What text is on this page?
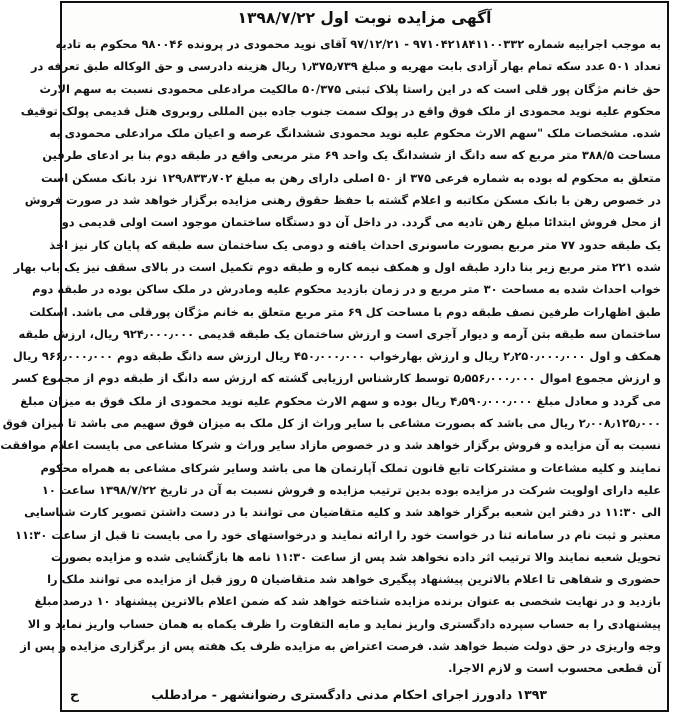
آگهی مزایده نوبت اول ۱۳۹۸/۷/۲۲
به موجب اجراییه شماره ۹۷۱۰۴۲۱۸۴۱۱۰۰۳۳۲ - ۹۷/۱۲/۲۱ آقای نوید محمودی در پرونده ۹۸۰۰۴۶ محکوم به تادیه
تعداد ۵۰۱ عدد سکه تمام بهار آزادی بابت مهریه و مبلغ ۱٫۳۷۵٫۷۳۹ ریال هزینه دادرسی و حق الوکاله طبق تعرفه در
حق خانم مژگان پور قلی است که در این راستا پلاک ثبتی ۵۰/۳۷۵ مالکیت مرادعلی محمودی نسبت به سهم الارث
محکوم علیه نوید محمودی از ملک فوق واقع در پولک سمت جنوب جاده بین المللی روبروی هتل قدیمی پولک توقیف
شده. مشخصات ملک "سهم الارث محکوم علیه نوید محمودی ششدانگ عرصه و اعیان ملک مرادعلی محمودی به
مساحت ۳۸۸/۵ متر مربع که سه دانگ از ششدانگ یک واحد ۶۹ متر مربعی واقع در طبقه دوم بنا بر ادعای طرفین
متعلق به محکوم له بوده به شماره فرعی ۳۷۵ از ۵۰ اصلی دارای رهن به مبلغ ۱۲۹٫۸۳۳٫۷۰۲ نزد بانک مسکن است
در خصوص رهن با بانک مسکن مکاتبه و اعلام گشته با حفظ حقوق رهنی مزایده برگزار خواهد شد در صورت فروش
از محل فروش ابتدائا مبلغ رهن تادیه می گردد. در داخل آن دو دستگاه ساختمان موجود است اولی قدیمی دو
یک طبقه حدود ۷۷ متر مربع بصورت ماسونری احداث یافته و دومی یک ساختمان سه طبقه که پایان کار نیز اخذ
شده ۲۲۱ متر مربع زیر بنا دارد طبقه اول و همکف نیمه کاره و طبقه دوم تکمیل است در بالای سقف نیز یک باب بهار
خواب احداث شده به مساحت ۳۰ متر مربع و در زمان بازدید محکوم علیه ومادرش در ملک ساکن بوده در طبقه دوم
طبق اظهارات طرفین نصف طبقه دوم با مساحت کل ۶۹ متر مربع متعلق به خانم مژگان پورقلی می باشد. اسکلت
ساختمان سه طبقه بتن آرمه و دیوار آجری است و ارزش ساختمان یک طبقه قدیمی ۹۲۴٫۰۰۰٫۰۰۰ ریال، ارزش طبقه
همکف و اول ۲٫۲۵۰٫۰۰۰٫۰۰۰ ریال و ارزش بهارخواب ۴۵۰٫۰۰۰٫۰۰۰ ریال ارزش سه دانگ طبقه دوم ۹۶۶٫۰۰۰٫۰۰۰ ریال
و ارزش مجموع اموال ۵٫۵۵۶٫۰۰۰٫۰۰۰ توسط کارشناس ارزیابی گشته که ارزش سه دانگ از طبقه دوم از مجموع کسر
می گردد و معادل مبلغ ۴٫۵۹۰٫۰۰۰٫۰۰۰ ریال بوده و سهم الارث محکوم علیه نوید محمودی از ملک فوق به میزان مبلغ
۲٫۰۰۸٫۱۲۵٫۰۰۰ ریال می باشد که بصورت مشاعی با سایر وراث از کل ملک به میزان فوق سهیم می باشد تا میزان فوق
نسبت به آن مزایده و فروش برگزار خواهد شد و در خصوص مازاد سایر وراث و شرکا مشاعی می بایست اعلام موافقت
نمایند و کلیه مشاعات و مشترکات تابع قانون تملک آپارتمان ها می باشد وسایر شرکای مشاعی به همراه محکوم
علیه دارای اولویت شرکت در مزایده بوده بدین ترتیب مزایده و فروش نسبت به آن در تاریخ ۱۳۹۸/۷/۲۲ ساعت ۱۰
الی ۱۱:۳۰ در دفتر این شعبه برگزار خواهد شد و کلیه متقاضیان می توانند با در دست داشتن تصویر کارت شناسایی
معتبر و ثبت نام در سامانه ثنا در خواست خود را ارائه نمایند و درخواستهای خود را می بایست تا قبل از ساعت ۱۱:۳۰
تحویل شعبه نمایند والا ترتیب اثر داده نخواهد شد پس از ساعت ۱۱:۳۰ نامه ها بازگشایی شده و مزایده بصورت
حضوری و شفاهی تا اعلام بالاترین پیشنهاد پیگیری خواهد شد متقاضیان ۵ روز قبل از مزایده می توانند ملک را
بازدید و در نهایت شخصی به عنوان برنده مزایده شناخته خواهد شد که ضمن اعلام بالاترین پیشنهاد ۱۰ درصد مبلغ
پیشنهادی را به حساب سپرده دادگستری واریز نماید و مابه التفاوت را ظرف یکماه به همان حساب واریز نماید و الا
وجه واریزی در حق دولت ضبط خواهد شد. فرصت اعتراض به مزایده ظرف یک هفته پس از برگزاری مزایده و پس از
آن قطعی محسوب است و لازم الاجرا.
۱۳۹۳ دادورز اجرای احکام مدنی دادگستری رضوانشهر - مرادطلب
ح
